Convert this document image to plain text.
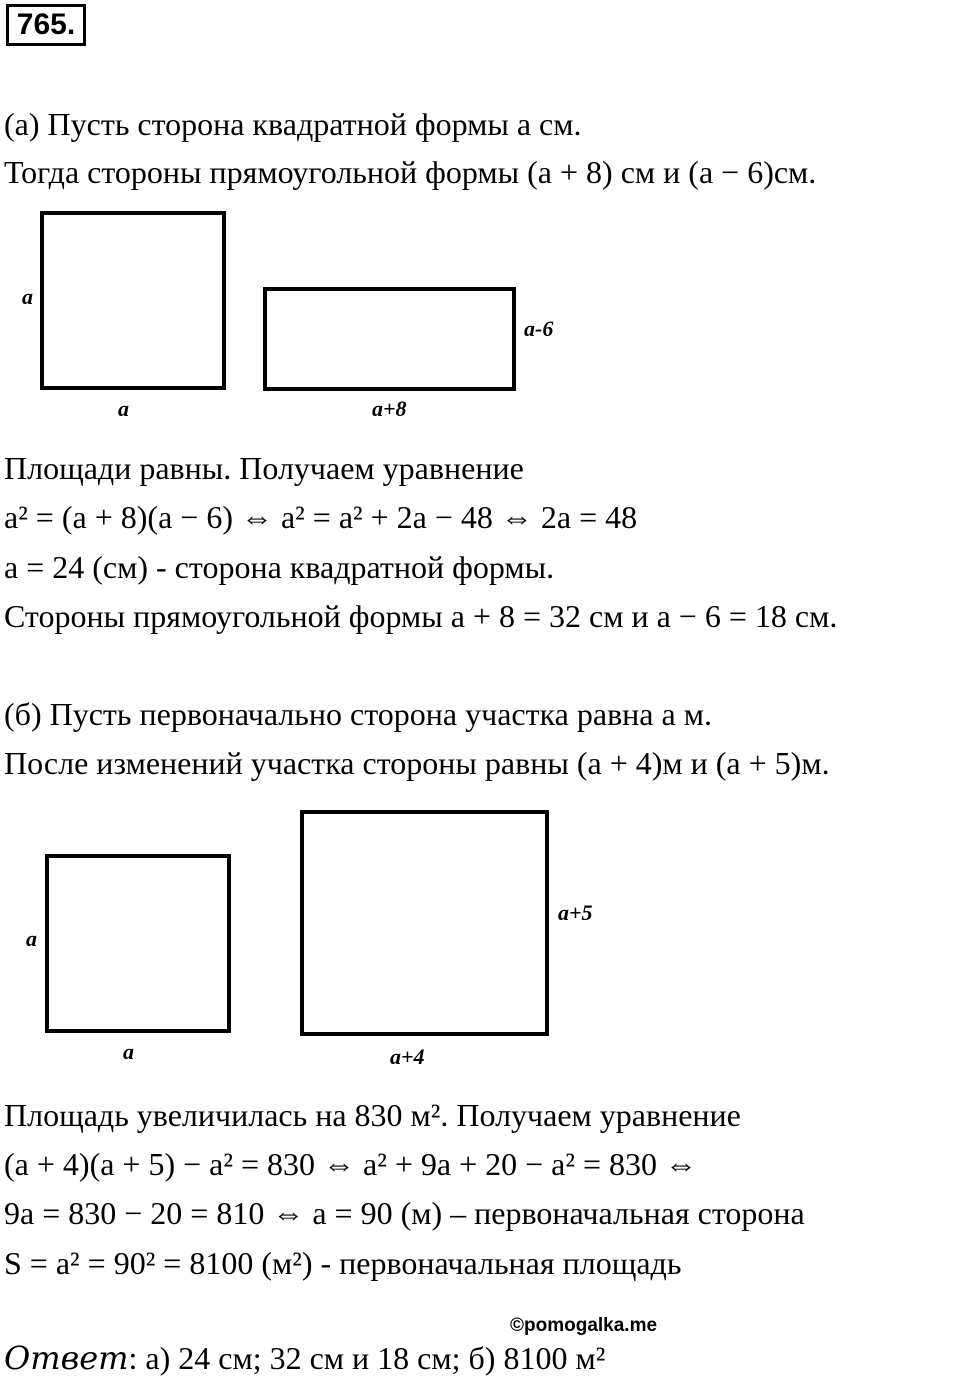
765.
(а) Пусть сторона квадратной формы a см.
Тогда стороны прямоугольной формы (a + 8) см и (a − 6)см.
a
a
a-6
a+8
Площади равны. Получаем уравнение
a² = (a + 8)(a − 6) ⇔ a² = a² + 2a − 48 ⇔ 2a = 48
a = 24 (см) - сторона квадратной формы.
Стороны прямоугольной формы a + 8 = 32 см и a − 6 = 18 см.
(б) Пусть первоначально сторона участка равна a м.
После изменений участка стороны равны (a + 4)м и (a + 5)м.
a
a
a+5
a+4
Площадь увеличилась на 830 м². Получаем уравнение
(a + 4)(a + 5) − a² = 830 ⇔ a² + 9a + 20 − a² = 830 ⇔
9a = 830 − 20 = 810 ⇔ a = 90 (м) – первоначальная сторона
S = a² = 90² = 8100 (м²) - первоначальная площадь
©pomogalka.me
Ответ: а) 24 см; 32 см и 18 см; б) 8100 м²
